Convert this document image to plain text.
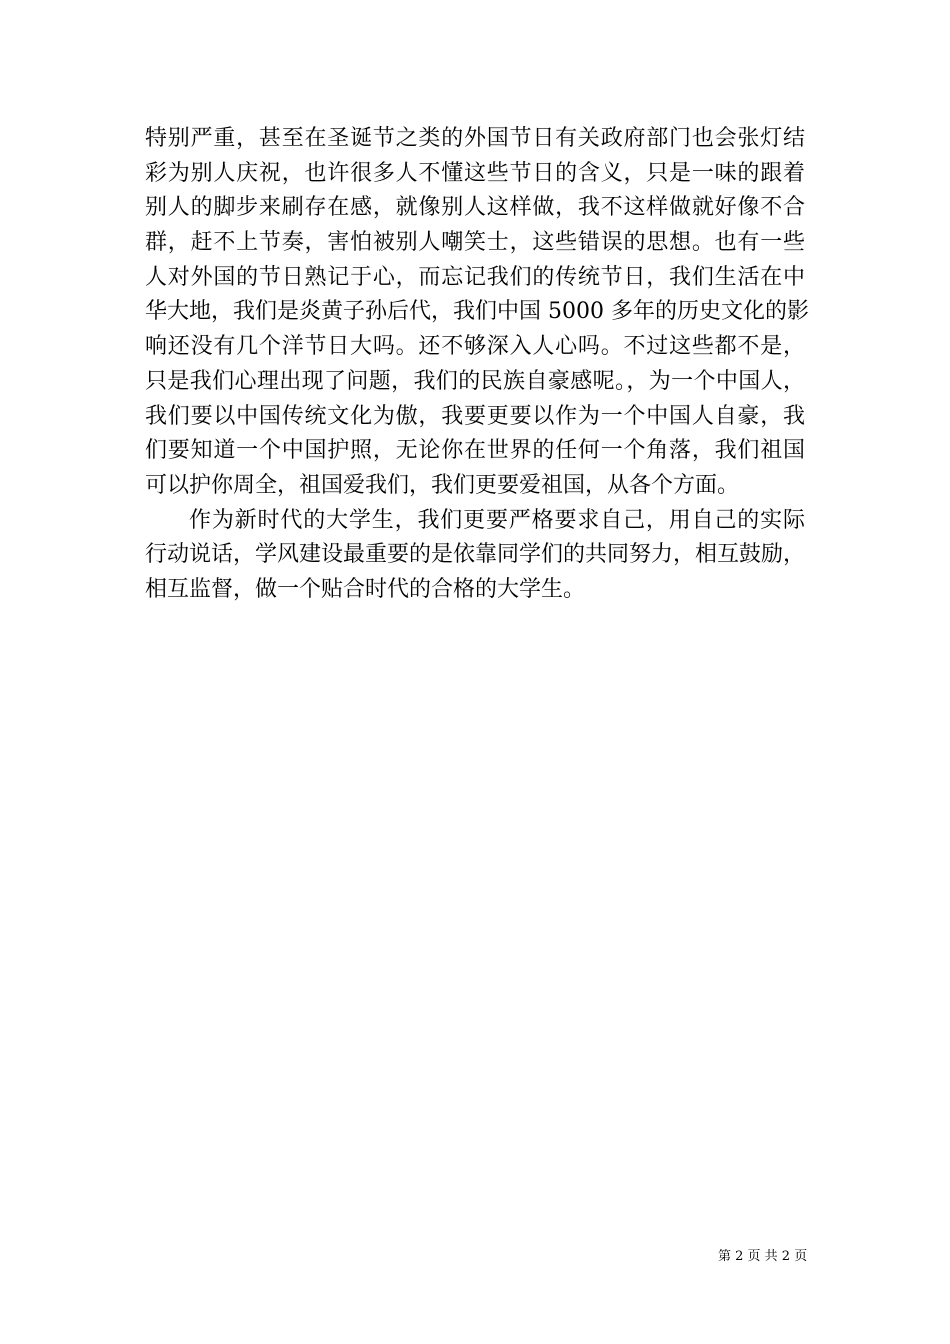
特别严重，甚至在圣诞节之类的外国节日有关政府部门也会张灯结
彩为别人庆祝，也许很多人不懂这些节日的含义，只是一味的跟着
别人的脚步来刷存在感，就像别人这样做，我不这样做就好像不合
群，赶不上节奏，害怕被别人嘲笑士，这些错误的思想。也有一些
人对外国的节日熟记于心，而忘记我们的传统节日，我们生活在中
华大地，我们是炎黄子孙后代，我们中国 5000 多年的历史文化的影
响还没有几个洋节日大吗。还不够深入人心吗。不过这些都不是，
只是我们心理出现了问题，我们的民族自豪感呢。，为一个中国人，
我们要以中国传统文化为傲，我要更要以作为一个中国人自豪，我
们要知道一个中国护照，无论你在世界的任何一个角落，我们祖国
可以护你周全，祖国爱我们，我们更要爱祖国，从各个方面。
作为新时代的大学生，我们更要严格要求自己，用自己的实际
行动说话，学风建设最重要的是依靠同学们的共同努力，相互鼓励，
相互监督，做一个贴合时代的合格的大学生。
第 2 页 共 2 页
